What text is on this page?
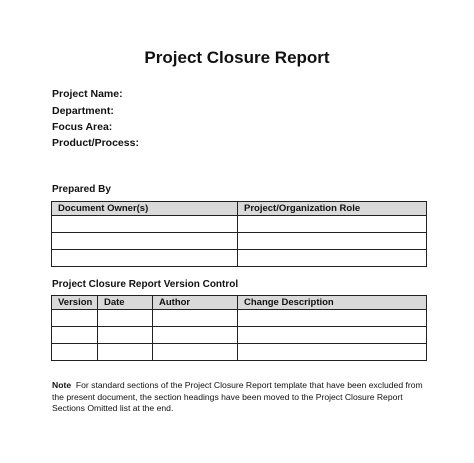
Project Closure Report
Project Name:
Department:
Focus Area:
Product/Process:
Prepared By
Document Owner(s)	Project/Organization Role

Project Closure Report Version Control
Version	Date	Author	Change Description

Note For standard sections of the Project Closure Report template that have been excluded from the present document, the section headings have been moved to the Project Closure Report Sections Omitted list at the end.
